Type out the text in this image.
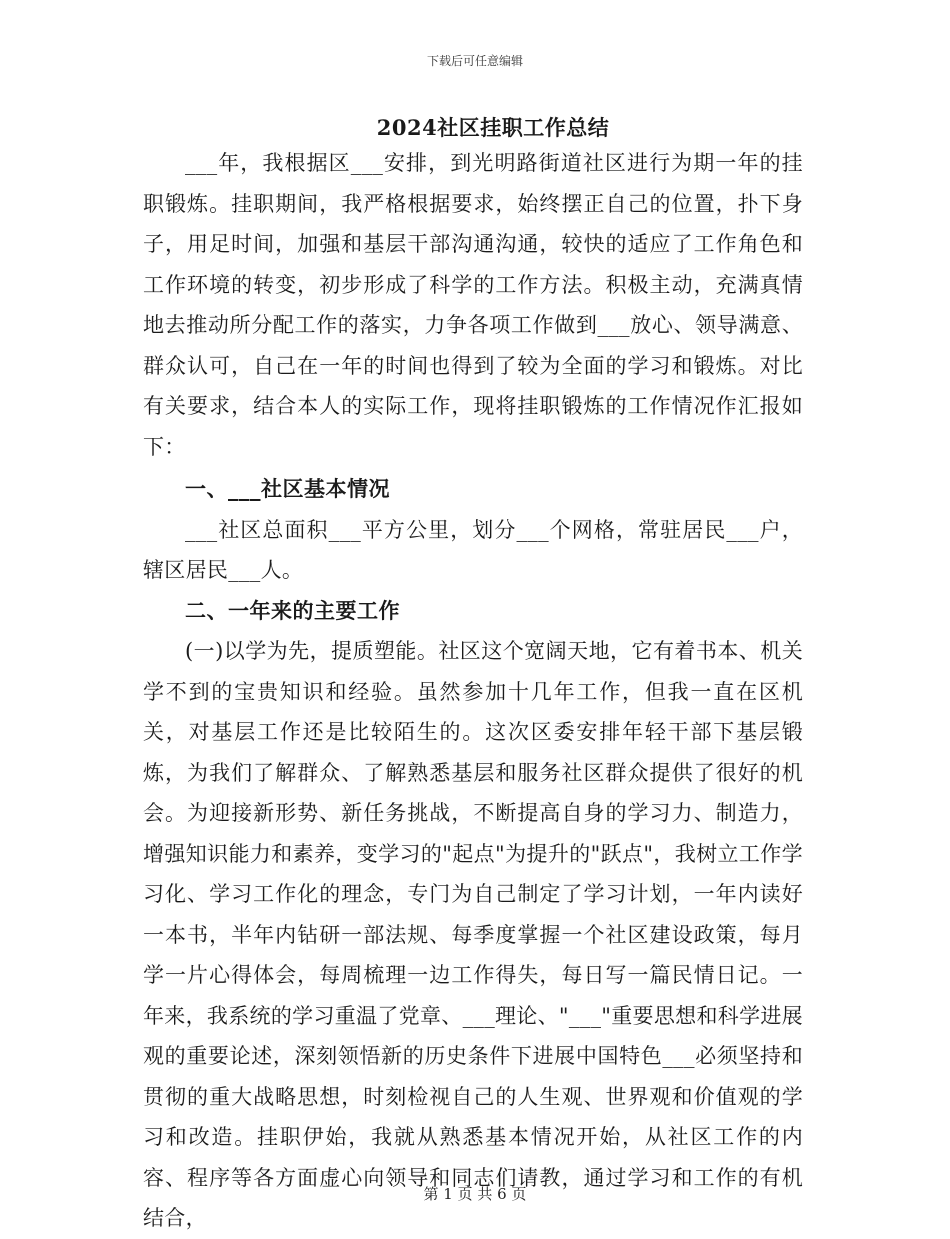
下载后可任意编辑
2024社区挂职工作总结

___年，我根据区___安排，到光明路街道社区进行为期一年的挂职锻炼。挂职期间，我严格根据要求，始终摆正自己的位置，扑下身子，用足时间，加强和基层干部沟通沟通，较快的适应了工作角色和工作环境的转变，初步形成了科学的工作方法。积极主动，充满真情地去推动所分配工作的落实，力争各项工作做到___放心、领导满意、群众认可，自己在一年的时间也得到了较为全面的学习和锻炼。对比有关要求，结合本人的实际工作，现将挂职锻炼的工作情况作汇报如下：

一、___社区基本情况

___社区总面积___平方公里，划分___个网格，常驻居民___户，辖区居民___人。

二、一年来的主要工作

(一)以学为先，提质塑能。社区这个宽阔天地，它有着书本、机关学不到的宝贵知识和经验。虽然参加十几年工作，但我一直在区机关，对基层工作还是比较陌生的。这次区委安排年轻干部下基层锻炼，为我们了解群众、了解熟悉基层和服务社区群众提供了很好的机会。为迎接新形势、新任务挑战，不断提高自身的学习力、制造力，增强知识能力和素养，变学习的"起点"为提升的"跃点"，我树立工作学习化、学习工作化的理念，专门为自己制定了学习计划，一年内读好一本书，半年内钻研一部法规、每季度掌握一个社区建设政策，每月学一片心得体会，每周梳理一边工作得失，每日写一篇民情日记。一年来，我系统的学习重温了党章、___理论、"___"重要思想和科学进展观的重要论述，深刻领悟新的历史条件下进展中国特色___必须坚持和贯彻的重大战略思想，时刻检视自己的人生观、世界观和价值观的学习和改造。挂职伊始，我就从熟悉基本情况开始，从社区工作的内容、程序等各方面虚心向领导和同志们请教，通过学习和工作的有机结合，

第 1 页 共 6 页
